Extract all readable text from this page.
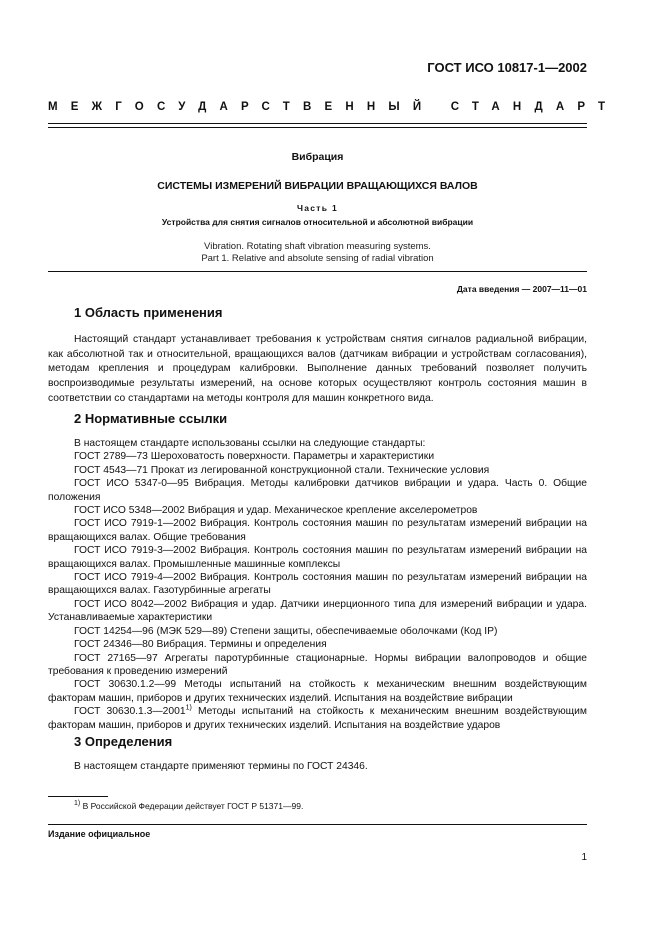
ГОСТ ИСО 10817-1—2002
МЕЖГОСУДАРСТВЕННЫЙ СТАНДАРТ
Вибрация
СИСТЕМЫ ИЗМЕРЕНИЙ ВИБРАЦИИ ВРАЩАЮЩИХСЯ ВАЛОВ
Часть 1
Устройства для снятия сигналов относительной и абсолютной вибрации
Vibration. Rotating shaft vibration measuring systems.
Part 1. Relative and absolute sensing of radial vibration
Дата введения — 2007—11—01
1 Область применения
Настоящий стандарт устанавливает требования к устройствам снятия сигналов радиальной вибрации, как абсолютной так и относительной, вращающихся валов (датчикам вибрации и устройствам согласования), методам крепления и процедурам калибровки. Выполнение данных требований позволяет получить воспроизводимые результаты измерений, на основе которых осуществляют контроль состояния машин в соответствии со стандартами на методы контроля для машин конкретного вида.
2 Нормативные ссылки
В настоящем стандарте использованы ссылки на следующие стандарты:
ГОСТ 2789—73 Шероховатость поверхности. Параметры и характеристики
ГОСТ 4543—71 Прокат из легированной конструкционной стали. Технические условия
ГОСТ ИСО 5347-0—95 Вибрация. Методы калибровки датчиков вибрации и удара. Часть 0. Общие положения
ГОСТ ИСО 5348—2002 Вибрация и удар. Механическое крепление акселерометров
ГОСТ ИСО 7919-1—2002 Вибрация. Контроль состояния машин по результатам измерений вибрации на вращающихся валах. Общие требования
ГОСТ ИСО 7919-3—2002 Вибрация. Контроль состояния машин по результатам измерений вибрации на вращающихся валах. Промышленные машинные комплексы
ГОСТ ИСО 7919-4—2002 Вибрация. Контроль состояния машин по результатам измерений вибрации на вращающихся валах. Газотурбинные агрегаты
ГОСТ ИСО 8042—2002 Вибрация и удар. Датчики инерционного типа для измерений вибрации и удара. Устанавливаемые характеристики
ГОСТ 14254—96 (МЭК 529—89) Степени защиты, обеспечиваемые оболочками (Код IP)
ГОСТ 24346—80 Вибрация. Термины и определения
ГОСТ 27165—97 Агрегаты паротурбинные стационарные. Нормы вибрации валопроводов и общие требования к проведению измерений
ГОСТ 30630.1.2—99 Методы испытаний на стойкость к механическим внешним воздействующим факторам машин, приборов и других технических изделий. Испытания на воздействие вибрации
ГОСТ 30630.1.3—2001$^{1)}$ Методы испытаний на стойкость к механическим внешним воздействующим факторам машин, приборов и других технических изделий. Испытания на воздействие ударов
3 Определения
В настоящем стандарте применяют термины по ГОСТ 24346.
$^{1)}$ В Российской Федерации действует ГОСТ Р 51371—99.
Издание официальное
1
